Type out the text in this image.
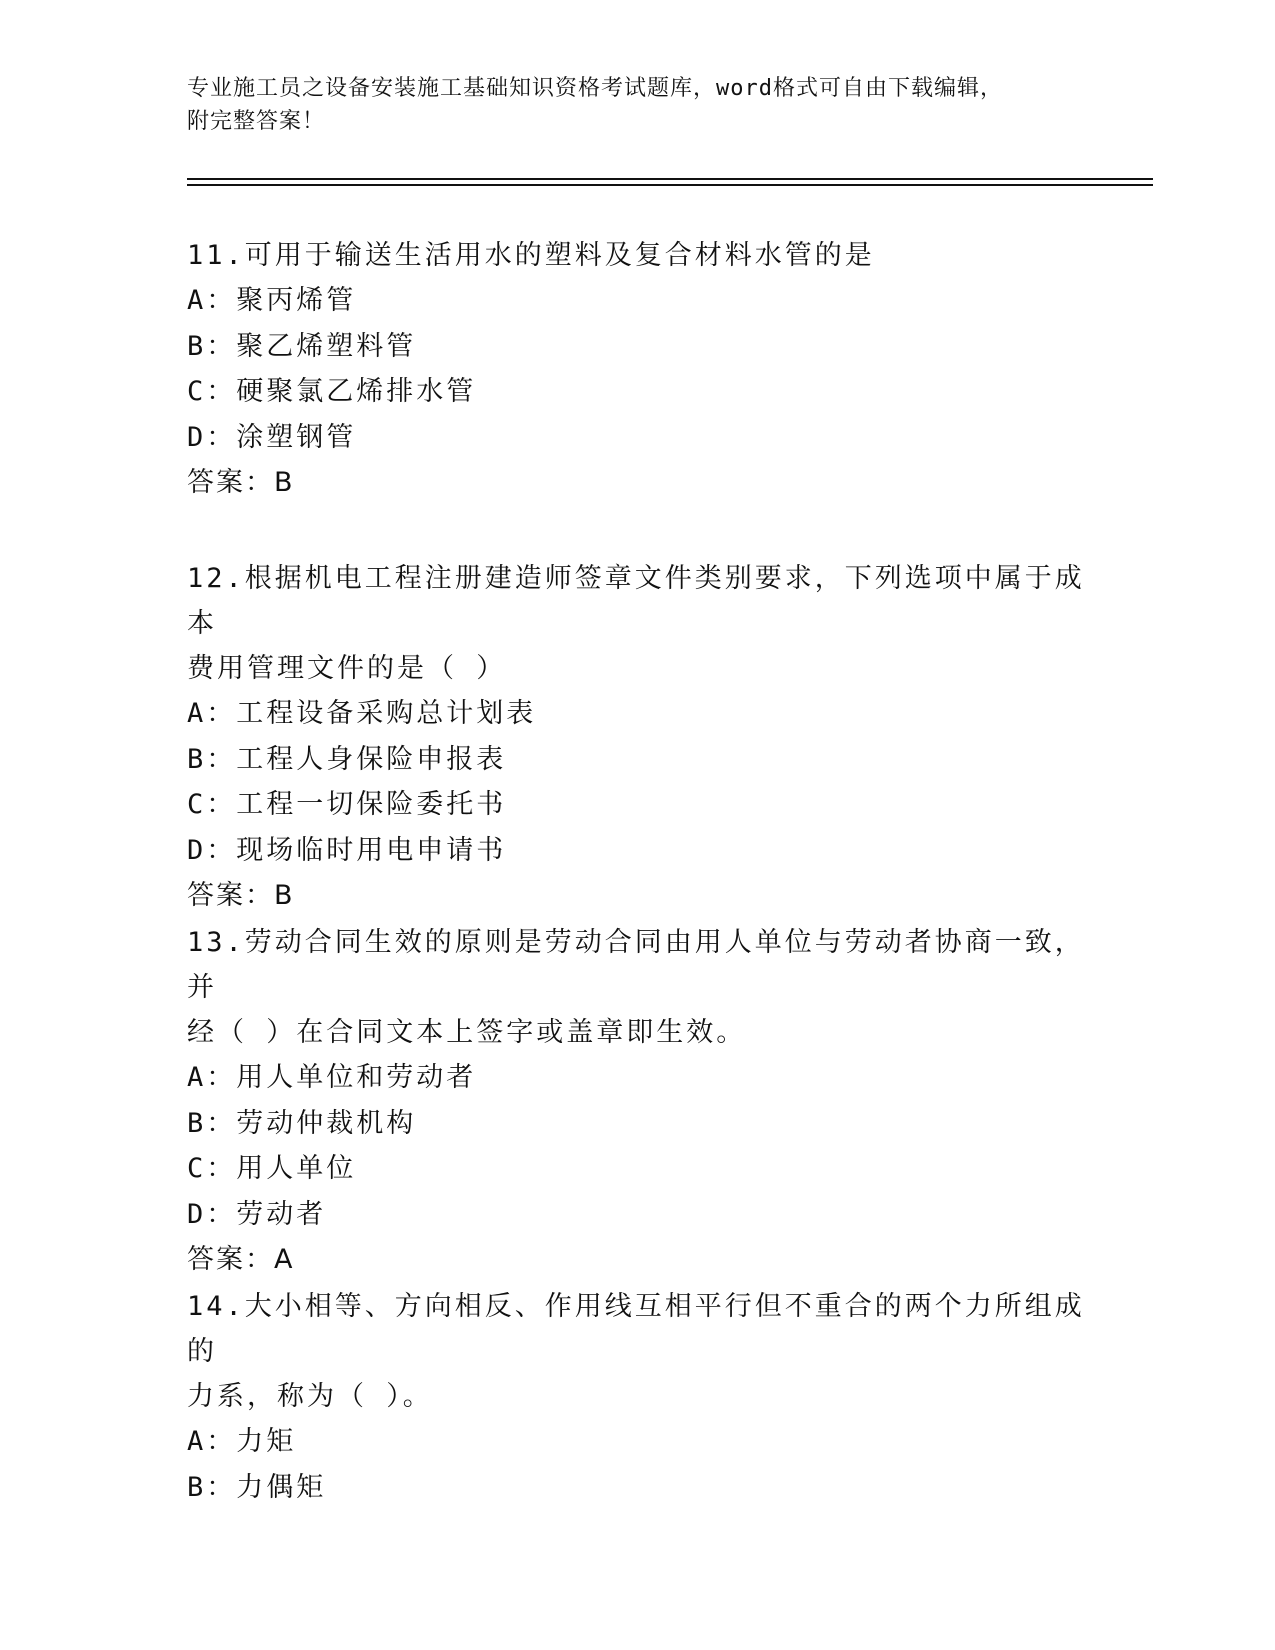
专业施工员之设备安装施工基础知识资格考试题库，word格式可自由下载编辑，
附完整答案！

11.可用于输送生活用水的塑料及复合材料水管的是

A：聚丙烯管

B：聚乙烯塑料管

C：硬聚氯乙烯排水管

D：涂塑钢管

答案：B

12.根据机电工程注册建造师签章文件类别要求，下列选项中属于成本

费用管理文件的是（ ）

A：工程设备采购总计划表

B：工程人身保险申报表

C：工程一切保险委托书

D：现场临时用电申请书

答案：B

13.劳动合同生效的原则是劳动合同由用人单位与劳动者协商一致，并

经（ ）在合同文本上签字或盖章即生效。

A：用人单位和劳动者

B：劳动仲裁机构

C：用人单位

D：劳动者

答案：A

14.大小相等、方向相反、作用线互相平行但不重合的两个力所组成的

力系，称为（ ）。

A：力矩

B：力偶矩
